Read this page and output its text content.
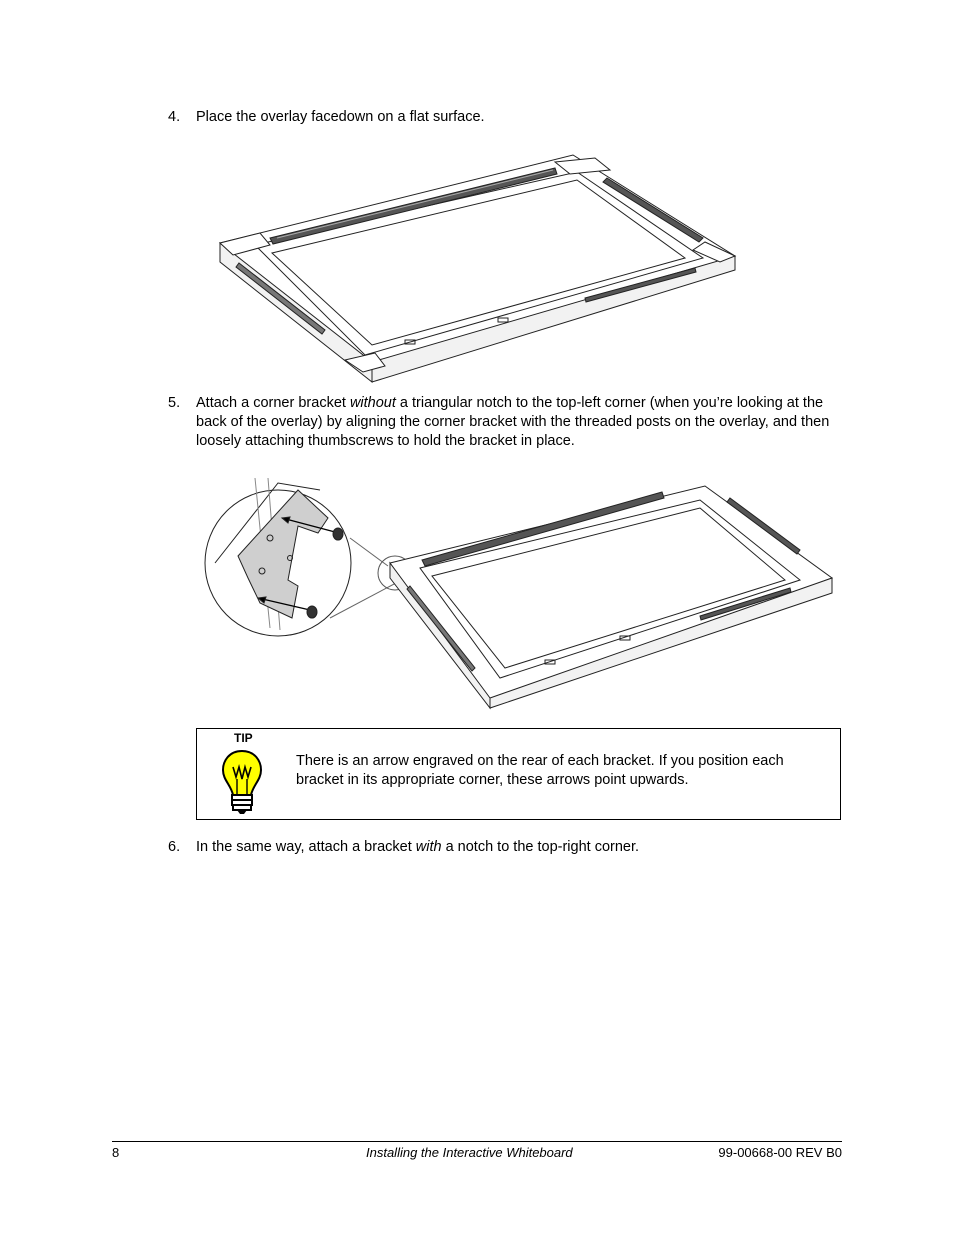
4. Place the overlay facedown on a flat surface.
5. Attach a corner bracket without a triangular notch to the top-left corner (when you’re looking at the back of the overlay) by aligning the corner bracket with the threaded posts on the overlay, and then loosely attaching thumbscrews to hold the bracket in place.
TIP
There is an arrow engraved on the rear of each bracket. If you position each bracket in its appropriate corner, these arrows point upwards.
6. In the same way, attach a bracket with a notch to the top-right corner.
8	Installing the Interactive Whiteboard	99-00668-00 REV B0
